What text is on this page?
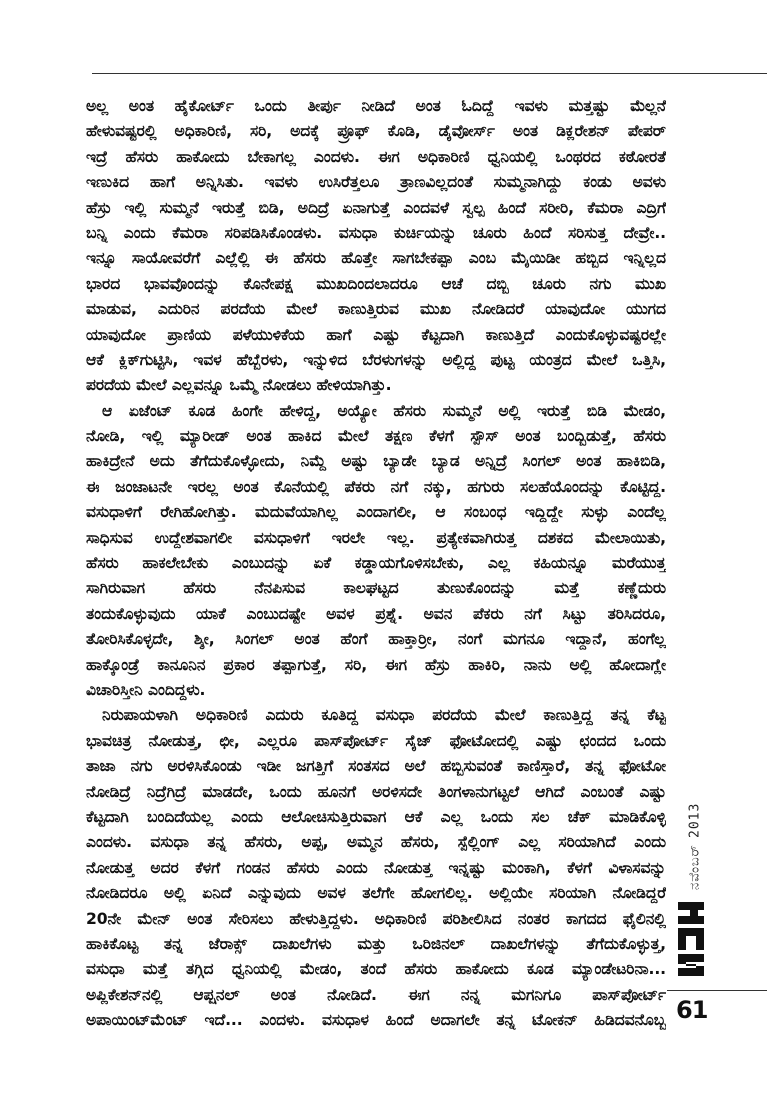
ಅಲ್ಲ ಅಂತ ಹೈಕೋರ್ಟ್ ಒಂದು ತೀರ್ಪು ನೀಡಿದೆ ಅಂತ ಓದಿದ್ದೆ ಇವಳು ಮತ್ತಷ್ಟು ಮೆಲ್ಲನೆ
ಹೇಳುವಷ್ಟರಲ್ಲಿ ಅಧಿಕಾರಿಣಿ, ಸರಿ, ಅದಕ್ಕೆ ಪ್ರೂಫ್ ಕೊಡಿ, ಡೈವೋರ್ಸ್ ಅಂತ ಡಿಕ್ಲರೇಶನ್ ಪೇಪರ್
ಇದ್ರೆ ಹೆಸರು ಹಾಕೋದು ಬೇಕಾಗಲ್ಲ ಎಂದಳು. ಈಗ ಅಧಿಕಾರಿಣಿ ಧ್ವನಿಯಲ್ಲಿ ಒಂಥರದ ಕಠೋರತೆ
ಇಣುಕಿದ ಹಾಗೆ ಅನ್ನಿಸಿತು. ಇವಳು ಉಸಿರೆತ್ತಲೂ ತ್ರಾಣವಿಲ್ಲದಂತೆ ಸುಮ್ಮನಾಗಿದ್ದು ಕಂಡು ಅವಳು
ಹೆಸ್ರು ಇಲ್ಲಿ ಸುಮ್ಮನೆ ಇರುತ್ತೆ ಬಿಡಿ, ಅದಿದ್ರೆ ಏನಾಗುತ್ತೆ ಎಂದವಳೆ ಸ್ವಲ್ಪ ಹಿಂದೆ ಸರೀರಿ, ಕೆಮರಾ ಎದ್ರಿಗೆ
ಬನ್ನಿ ಎಂದು ಕೆಮರಾ ಸರಿಪಡಿಸಿಕೊಂಡಳು. ವಸುಧಾ ಕುರ್ಚಿಯನ್ನು ಚೂರು ಹಿಂದೆ ಸರಿಸುತ್ತ ದೇವ್ರೇ..
ಇನ್ನೂ ಸಾಯೋವರೆಗೆ ಎಲ್ಲೆಲ್ಲಿ ಈ ಹೆಸರು ಹೊತ್ತೇ ಸಾಗಬೇಕಪ್ಪಾ ಎಂಬ ಮೈಯಿಡೀ ಹಬ್ಬಿದ ಇನ್ನಿಲ್ಲದ
ಭಾರದ ಭಾವವೊಂದನ್ನು ಕೊನೇಪಕ್ಷ ಮುಖದಿಂದಲಾದರೂ ಆಚೆ ದಬ್ಬಿ ಚೂರು ನಗು ಮುಖ
ಮಾಡುವ, ಎದುರಿನ ಪರದೆಯ ಮೇಲೆ ಕಾಣುತ್ತಿರುವ ಮುಖ ನೋಡಿದರೆ ಯಾವುದೋ ಯುಗದ
ಯಾವುದೋ ಪ್ರಾಣಿಯ ಪಳೆಯುಳಿಕೆಯ ಹಾಗೆ ಎಷ್ಟು ಕೆಟ್ಟದಾಗಿ ಕಾಣುತ್ತಿದೆ ಎಂದುಕೊಳ್ಳುವಷ್ಟರಲ್ಲೇ
ಆಕೆ ಕ್ಲಿಕ್‌ಗುಟ್ಟಿಸಿ, ಇವಳ ಹೆಬ್ಬೆರಳು, ಇನ್ನುಳಿದ ಬೆರಳುಗಳನ್ನು ಅಲ್ಲಿದ್ದ ಪುಟ್ಟ ಯಂತ್ರದ ಮೇಲೆ ಒತ್ತಿಸಿ,
ಪರದೆಯ ಮೇಲೆ ಎಲ್ಲವನ್ನೂ ಒಮ್ಮೆ ನೋಡಲು ಹೇಳಿಯಾಗಿತ್ತು.
ಆ ಏಜೆಂಟ್ ಕೂಡ ಹಿಂಗೇ ಹೇಳಿದ್ದ, ಅಯ್ಯೋ ಹೆಸರು ಸುಮ್ಮನೆ ಅಲ್ಲಿ ಇರುತ್ತೆ ಬಿಡಿ ಮೇಡಂ,
ನೋಡಿ, ಇಲ್ಲಿ ಮ್ಯಾರೀಡ್ ಅಂತ ಹಾಕಿದ ಮೇಲೆ ತಕ್ಷಣ ಕೆಳಗೆ ಸ್ಪೌಸ್ ಅಂತ ಬಂದ್ಬಿಡುತ್ತೆ, ಹೆಸರು
ಹಾಕಿದ್ರೇನೆ ಅದು ತೆಗೆದುಕೊಳ್ಳೋದು, ನಿಮ್ದೆ ಅಷ್ಟು ಬ್ಯಾಡೇ ಬ್ಯಾಡ ಅನ್ನಿದ್ರೆ ಸಿಂಗಲ್ ಅಂತ ಹಾಕಿಬಿಡಿ,
ಈ ಜಂಜಾಟನೇ ಇರಲ್ಲ ಅಂತ ಕೊನೆಯಲ್ಲಿ ಪೆಕರು ನಗೆ ನಕ್ಕು, ಹಗುರು ಸಲಹೆಯೊಂದನ್ನು ಕೊಟ್ಟಿದ್ದ.
ವಸುಧಾಳಿಗೆ ರೇಗಿಹೋಗಿತ್ತು. ಮದುವೆಯಾಗಿಲ್ಲ ಎಂದಾಗಲೀ, ಆ ಸಂಬಂಧ ಇದ್ದಿದ್ದೇ ಸುಳ್ಳು ಎಂದೆಲ್ಲ
ಸಾಧಿಸುವ ಉದ್ದೇಶವಾಗಲೀ ವಸುಧಾಳಿಗೆ ಇರಲೇ ಇಲ್ಲ. ಪ್ರತ್ಯೇಕವಾಗಿರುತ್ತ ದಶಕದ ಮೇಲಾಯಿತು,
ಹೆಸರು ಹಾಕಲೇಬೇಕು ಎಂಬುದನ್ನು ಏಕೆ ಕಡ್ಡಾಯಗೊಳಿಸಬೇಕು, ಎಲ್ಲ ಕಹಿಯನ್ನೂ ಮರೆಯುತ್ತ
ಸಾಗಿರುವಾಗ ಹೆಸರು ನೆನಪಿಸುವ ಕಾಲಘಟ್ಟದ ತುಣುಕೊಂದನ್ನು ಮತ್ತೆ ಕಣ್ಣೆದುರು
ತಂದುಕೊಳ್ಳುವುದು ಯಾಕೆ ಎಂಬುದಷ್ಟೇ ಅವಳ ಪ್ರಶ್ನೆ. ಅವನ ಪೆಕರು ನಗೆ ಸಿಟ್ಟು ತರಿಸಿದರೂ,
ತೋರಿಸಿಕೊಳ್ಳದೇ, ಶ್ಶೀ, ಸಿಂಗಲ್ ಅಂತ ಹೆಂಗೆ ಹಾಕ್ತಾರ‍್ರೀ, ನಂಗೆ ಮಗನೂ ಇದ್ದಾನೆ, ಹಂಗೆಲ್ಲ
ಹಾಕ್ಕೊಂಡ್ರೆ ಕಾನೂನಿನ ಪ್ರಕಾರ ತಪ್ಪಾಗುತ್ತೆ, ಸರಿ, ಈಗ ಹೆಸ್ರು ಹಾಕಿರಿ, ನಾನು ಅಲ್ಲಿ ಹೋದಾಗ್ಲೇ
ವಿಚಾರಿಸ್ತೀನಿ ಎಂದಿದ್ದಳು.
ನಿರುಪಾಯಳಾಗಿ ಅಧಿಕಾರಿಣಿ ಎದುರು ಕೂತಿದ್ದ ವಸುಧಾ ಪರದೆಯ ಮೇಲೆ ಕಾಣುತ್ತಿದ್ದ ತನ್ನ ಕೆಟ್ಟ
ಭಾವಚಿತ್ರ ನೋಡುತ್ತ, ಛೀ, ಎಲ್ಲರೂ ಪಾಸ್‌ಪೋರ್ಟ್ ಸೈಜ್ ಫೋಟೋದಲ್ಲಿ ಎಷ್ಟು ಛಂದದ ಒಂದು
ತಾಜಾ ನಗು ಅರಳಿಸಿಕೊಂಡು ಇಡೀ ಜಗತ್ತಿಗೆ ಸಂತಸದ ಅಲೆ ಹಬ್ಬಿಸುವಂತೆ ಕಾಣಿಸ್ತಾರೆ, ತನ್ನ ಫೋಟೋ
ನೋಡಿದ್ರೆ ನಿದ್ರೆಗಿದ್ರೆ ಮಾಡದೇ, ಒಂದು ಹೂನಗೆ ಅರಳಿಸದೇ ತಿಂಗಳಾನುಗಟ್ಟಲೆ ಆಗಿದೆ ಎಂಬಂತೆ ಎಷ್ಟು
ಕೆಟ್ಟದಾಗಿ ಬಂದಿದೆಯಲ್ಲ ಎಂದು ಆಲೋಚಿಸುತ್ತಿರುವಾಗ ಆಕೆ ಎಲ್ಲ ಒಂದು ಸಲ ಚೆಕ್ ಮಾಡಿಕೊಳ್ಳಿ
ಎಂದಳು. ವಸುಧಾ ತನ್ನ ಹೆಸರು, ಅಪ್ಪ, ಅಮ್ಮನ ಹೆಸರು, ಸ್ಪೆಲ್ಲಿಂಗ್ ಎಲ್ಲ ಸರಿಯಾಗಿದೆ ಎಂದು
ನೋಡುತ್ತ ಅದರ ಕೆಳಗೆ ಗಂಡನ ಹೆಸರು ಎಂದು ನೋಡುತ್ತ ಇನ್ನಷ್ಟು ಮಂಕಾಗಿ, ಕೆಳಗೆ ವಿಳಾಸವನ್ನು
ನೋಡಿದರೂ ಅಲ್ಲಿ ಏನಿದೆ ಎನ್ನುವುದು ಅವಳ ತಲೆಗೇ ಹೋಗಲಿಲ್ಲ. ಅಲ್ಲಿಯೇ ಸರಿಯಾಗಿ ನೋಡಿದ್ದರೆ
20ನೇ ಮೇನ್ ಅಂತ ಸೇರಿಸಲು ಹೇಳುತ್ತಿದ್ದಳು. ಅಧಿಕಾರಿಣಿ ಪರಿಶೀಲಿಸಿದ ನಂತರ ಕಾಗದದ ಫೈಲಿನಲ್ಲಿ
ಹಾಕಿಕೊಟ್ಟ ತನ್ನ ಜೆರಾಕ್ಸ್ ದಾಖಲೆಗಳು ಮತ್ತು ಒರಿಜಿನಲ್ ದಾಖಲೆಗಳನ್ನು ತೆಗೆದುಕೊಳ್ಳುತ್ತ,
ವಸುಧಾ ಮತ್ತೆ ತಗ್ಗಿದ ಧ್ವನಿಯಲ್ಲಿ ಮೇಡಂ, ತಂದೆ ಹೆಸರು ಹಾಕೋದು ಕೂಡ ಮ್ಯಾಂಡೇಟರಿನಾ...
ಅಪ್ಲಿಕೇಶನ್‌ನಲ್ಲಿ ಆಪ್ಷನಲ್ ಅಂತ ನೋಡಿದೆ. ಈಗ ನನ್ನ ಮಗನಿಗೂ ಪಾಸ್‌ಪೋರ್ಟ್
ಅಪಾಯಿಂಟ್‌ಮೆಂಟ್ ಇದೆ... ಎಂದಳು. ವಸುಧಾಳ ಹಿಂದೆ ಅದಾಗಲೇ ತನ್ನ ಟೋಕನ್ ಹಿಡಿದವನೊಬ್ಬ
ನವೆಂಬರ್
2013
61
